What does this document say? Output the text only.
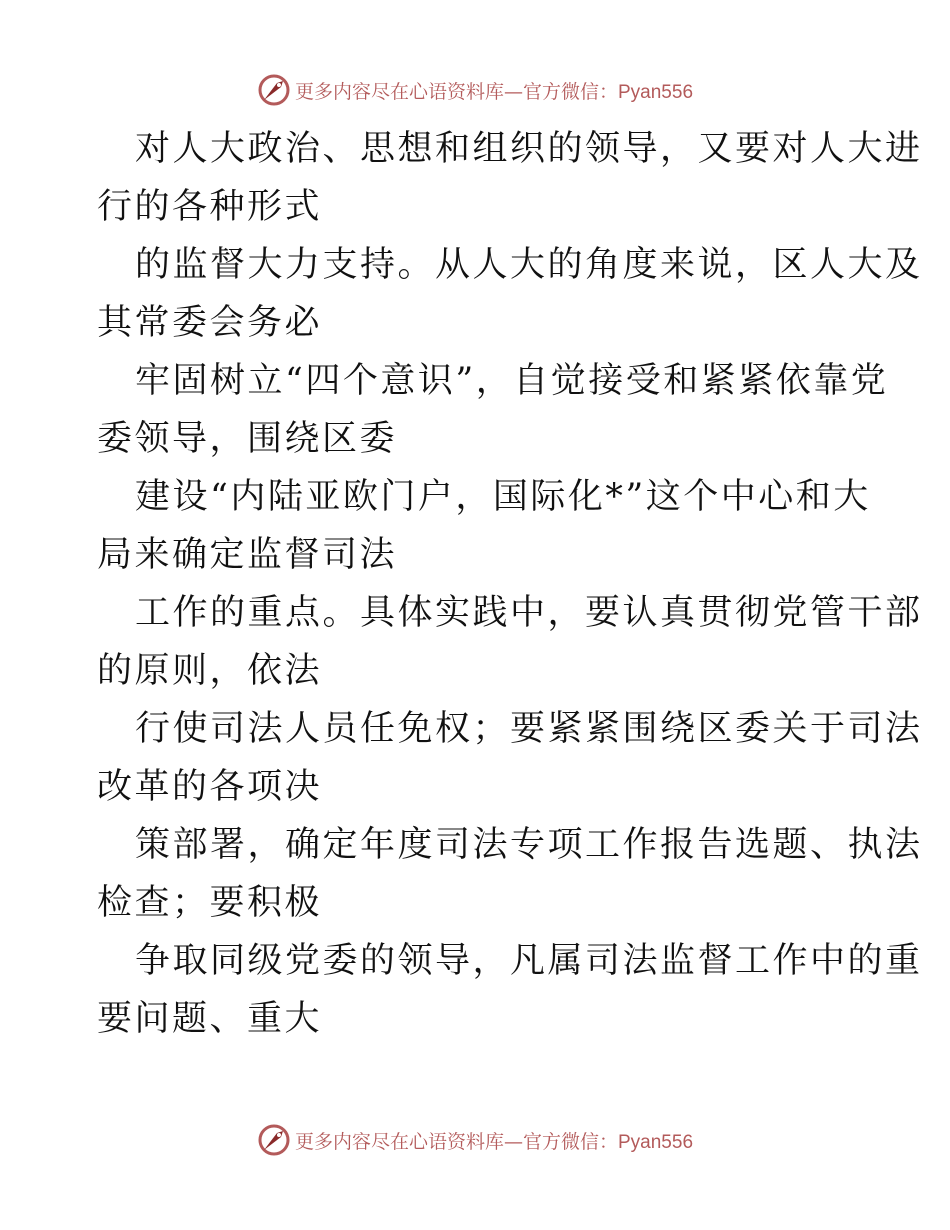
更多内容尽在心语资料库—官方微信：Pyan556
对人大政治、思想和组织的领导，又要对人大进
行的各种形式
的监督大力支持。从人大的角度来说，区人大及
其常委会务必
牢固树立“四个意识”，自觉接受和紧紧依靠党
委领导，围绕区委
建设“内陆亚欧门户，国际化*”这个中心和大
局来确定监督司法
工作的重点。具体实践中，要认真贯彻党管干部
的原则，依法
行使司法人员任免权；要紧紧围绕区委关于司法
改革的各项决
策部署，确定年度司法专项工作报告选题、执法
检查；要积极
争取同级党委的领导，凡属司法监督工作中的重
要问题、重大
更多内容尽在心语资料库—官方微信：Pyan556
